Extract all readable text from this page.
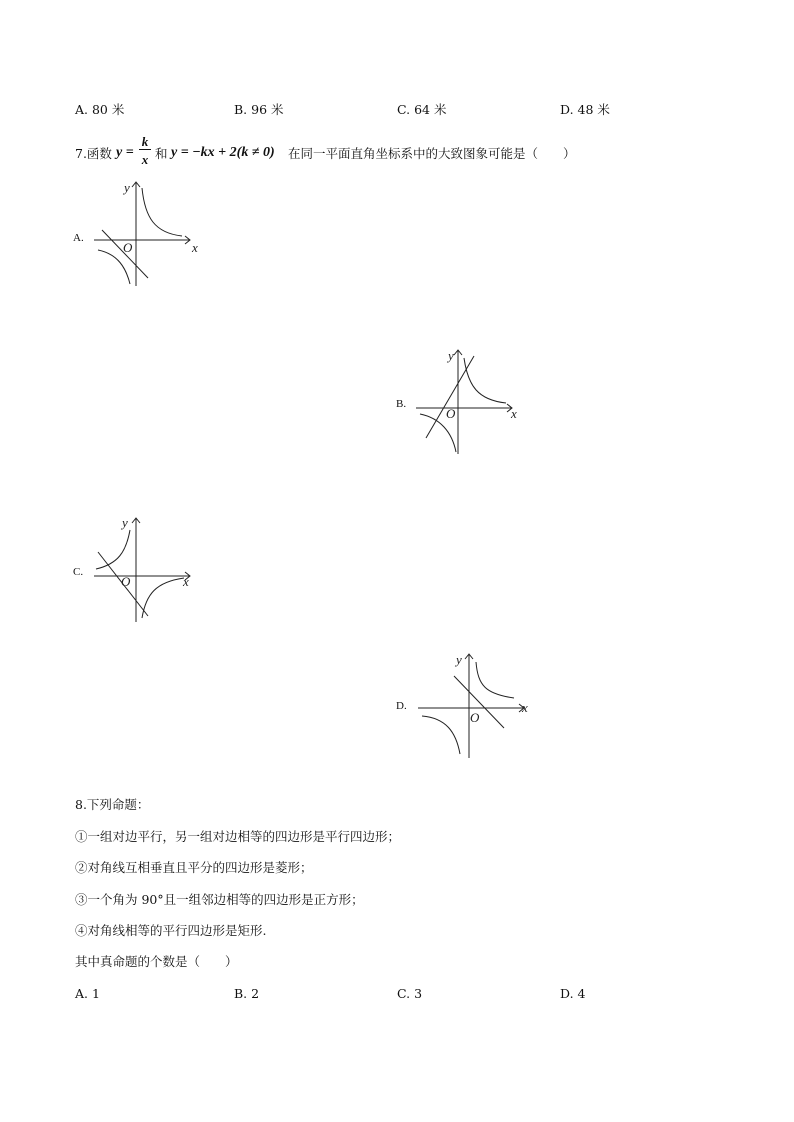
A. 80 米	B. 96 米	C. 64 米	D. 48 米
7.函数 y =
k
x 和 y = −kx + 2(k ≠ 0) 在同一平面直角坐标系中的大致图象可能是（　　）
A.
x
y
O
B.
x
y
O
C.
x
y
O
D.	x
y
O
8.下列命题：
①一组对边平行，另一组对边相等的四边形是平行四边形；
②对角线互相垂直且平分的四边形是菱形；
③一个角为 90°且一组邻边相等的四边形是正方形；
④对角线相等的平行四边形是矩形.
其中真命题的个数是（　　）
A. 1	B. 2	C. 3	D. 4
